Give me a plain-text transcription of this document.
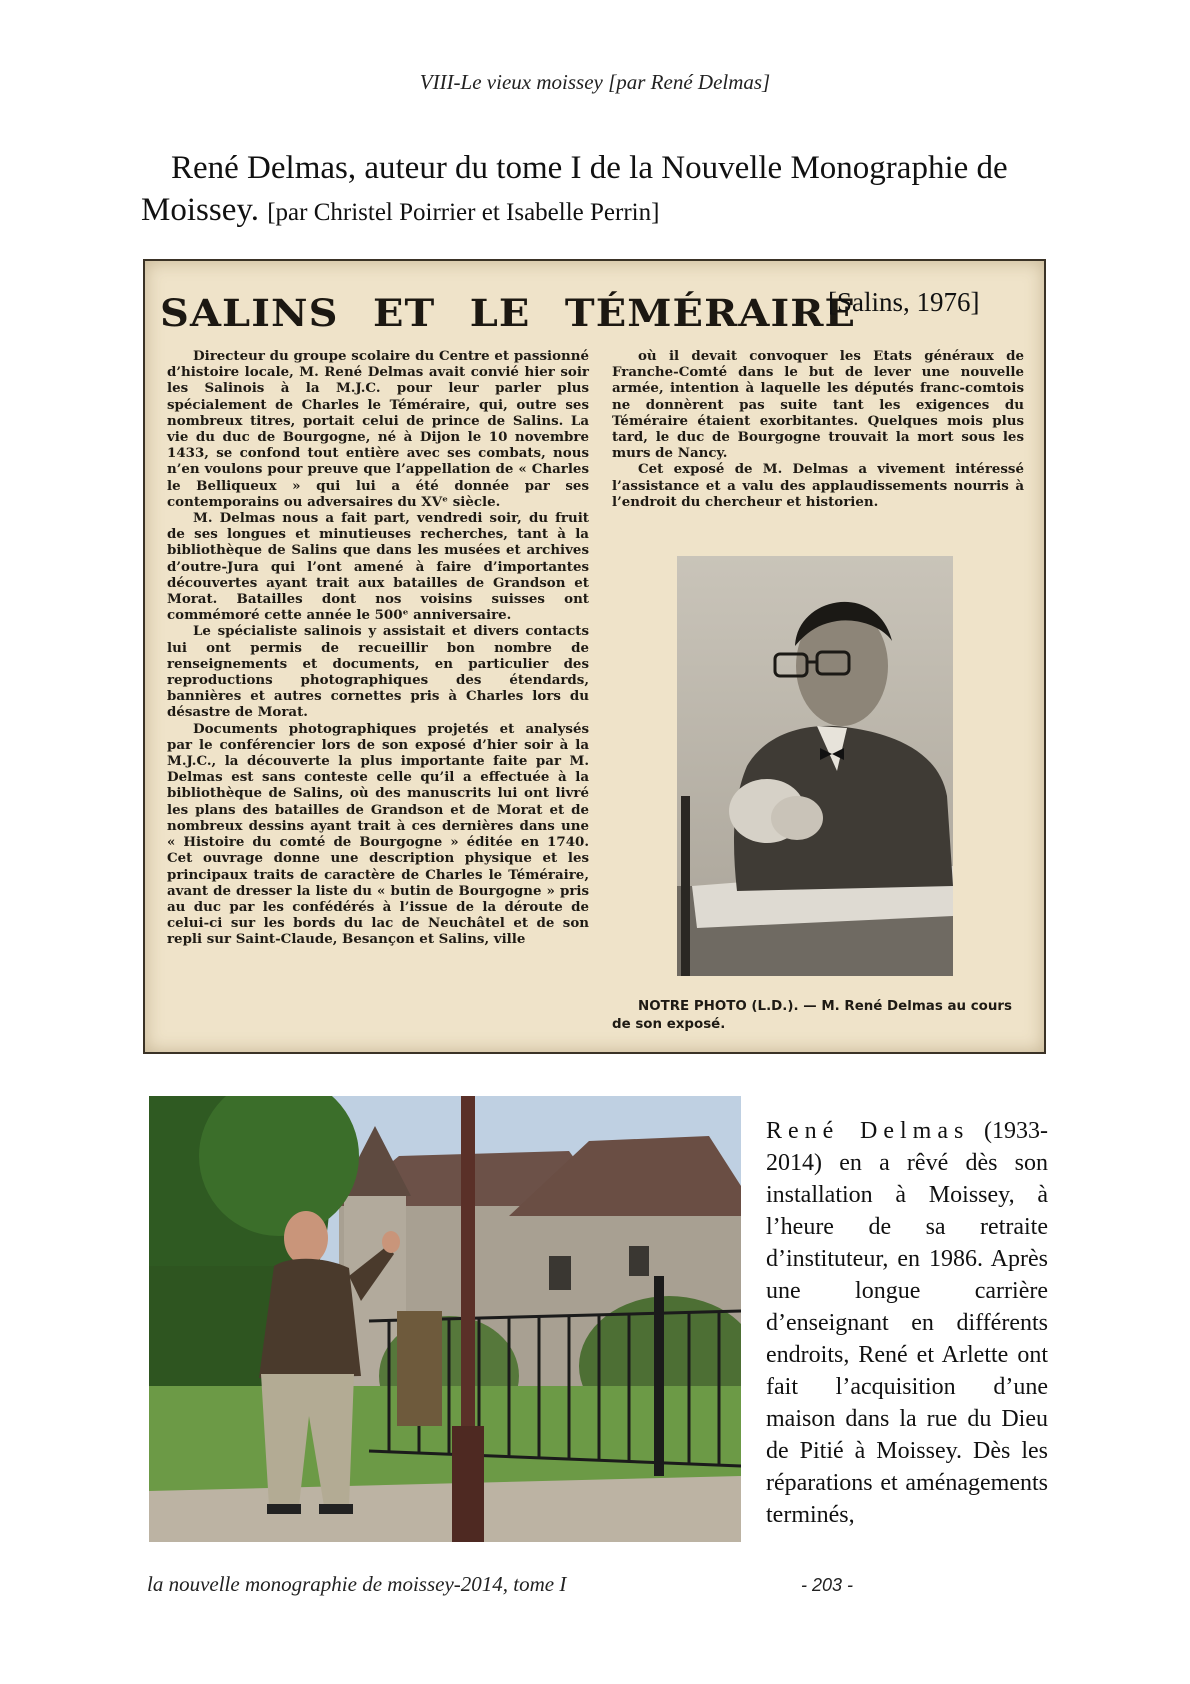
VIII-Le vieux moissey [par René Delmas]
René Delmas, auteur du tome I de la Nouvelle Monographie de Moissey. [par Christel Poirrier et Isabelle Perrin]
SALINS ET LE TÉMÉRAIRE
[Salins, 1976]

Directeur du groupe scolaire du Centre et passionné d’histoire locale, M. René Delmas avait convié hier soir les Salinois à la M.J.C. pour leur parler plus spécialement de Charles le Téméraire, qui, outre ses nombreux titres, portait celui de prince de Salins. La vie du duc de Bourgogne, né à Dijon le 10 novembre 1433, se confond tout entière avec ses combats, nous n’en voulons pour preuve que l’appellation de « Charles le Belliqueux » qui lui a été donnée par ses contemporains ou adversaires du XVᵉ siècle.

M. Delmas nous a fait part, vendredi soir, du fruit de ses longues et minutieuses recherches, tant à la bibliothèque de Salins que dans les musées et archives d’outre-Jura qui l’ont amené à faire d’importantes découvertes ayant trait aux batailles de Grandson et Morat. Batailles dont nos voisins suisses ont commémoré cette année le 500ᵉ anniversaire.

Le spécialiste salinois y assistait et divers contacts lui ont permis de recueillir bon nombre de renseignements et documents, en particulier des reproductions photographiques des étendards, bannières et autres cornettes pris à Charles lors du désastre de Morat.

Documents photographiques projetés et analysés par le conférencier lors de son exposé d’hier soir à la M.J.C., la découverte la plus importante faite par M. Delmas est sans conteste celle qu’il a effectuée à la bibliothèque de Salins, où des manuscrits lui ont livré les plans des batailles de Grandson et de Morat et de nombreux dessins ayant trait à ces dernières dans une « Histoire du comté de Bourgogne » éditée en 1740. Cet ouvrage donne une description physique et les principaux traits de caractère de Charles le Téméraire, avant de dresser la liste du « butin de Bourgogne » pris au duc par les confédérés à l’issue de la déroute de celui-ci sur les bords du lac de Neuchâtel et de son repli sur Saint-Claude, Besançon et Salins, ville

où il devait convoquer les Etats généraux de Franche-Comté dans le but de lever une nouvelle armée, intention à laquelle les députés franc-comtois ne donnèrent pas suite tant les exigences du Téméraire étaient exorbitantes. Quelques mois plus tard, le duc de Bourgogne trouvait la mort sous les murs de Nancy.

Cet exposé de M. Delmas a vivement intéressé l’assistance et a valu des applaudissements nourris à l’endroit du chercheur et historien.

NOTRE PHOTO (L.D.). — M. René Delmas au cours de son exposé.
René Delmas (1933-2014) en a rêvé dès son installation à Moissey, à l’heure de sa retraite d’instituteur, en 1986. Après une longue carrière d’enseignant en différents endroits, René et Arlette ont fait l’acquisition d’une maison dans la rue du Dieu de Pitié à Moissey. Dès les réparations et aménagements terminés,
la nouvelle monographie de moissey-2014, tome I	- 203 -
